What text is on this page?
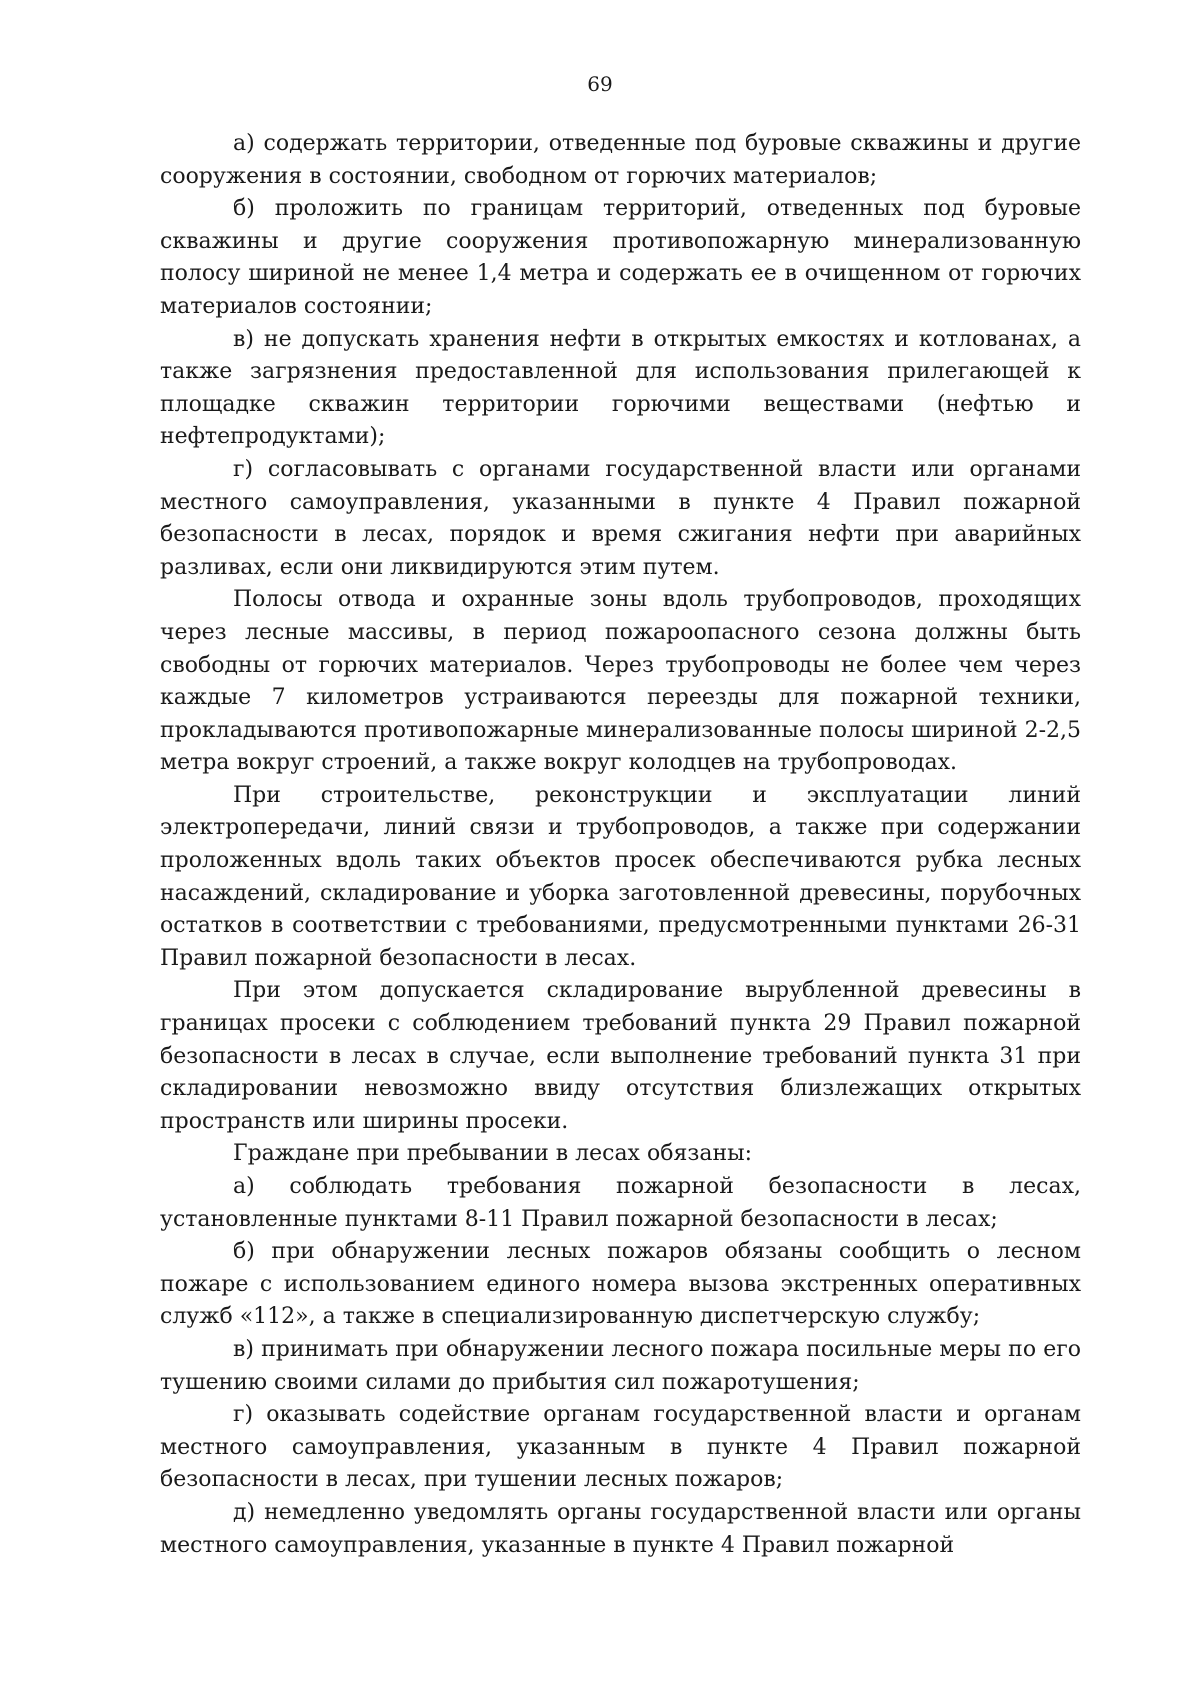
69

а) содержать территории, отведенные под буровые скважины и другие сооружения в состоянии, свободном от горючих материалов;

б) проложить по границам территорий, отведенных под буровые скважины и другие сооружения противопожарную минерализованную полосу шириной не менее 1,4 метра и содержать ее в очищенном от горючих материалов состоянии;

в) не допускать хранения нефти в открытых емкостях и котлованах, а также загрязнения предоставленной для использования прилегающей к площадке скважин территории горючими веществами (нефтью и нефтепродуктами);

г) согласовывать с органами государственной власти или органами местного самоуправления, указанными в пункте 4 Правил пожарной безопасности в лесах, порядок и время сжигания нефти при аварийных разливах, если они ликвидируются этим путем.

Полосы отвода и охранные зоны вдоль трубопроводов, проходящих через лесные массивы, в период пожароопасного сезона должны быть свободны от горючих материалов. Через трубопроводы не более чем через каждые 7 километров устраиваются переезды для пожарной техники, прокладываются противопожарные минерализованные полосы шириной 2-2,5 метра вокруг строений, а также вокруг колодцев на трубопроводах.

При строительстве, реконструкции и эксплуатации линий электропередачи, линий связи и трубопроводов, а также при содержании проложенных вдоль таких объектов просек обеспечиваются рубка лесных насаждений, складирование и уборка заготовленной древесины, порубочных остатков в соответствии с требованиями, предусмотренными пунктами 26-31 Правил пожарной безопасности в лесах.

При этом допускается складирование вырубленной древесины в границах просеки с соблюдением требований пункта 29 Правил пожарной безопасности в лесах в случае, если выполнение требований пункта 31 при складировании невозможно ввиду отсутствия близлежащих открытых пространств или ширины просеки.

Граждане при пребывании в лесах обязаны:

а) соблюдать требования пожарной безопасности в лесах, установленные пунктами 8-11 Правил пожарной безопасности в лесах;

б) при обнаружении лесных пожаров обязаны сообщить о лесном пожаре с использованием единого номера вызова экстренных оперативных служб «112», а также в специализированную диспетчерскую службу;

в) принимать при обнаружении лесного пожара посильные меры по его тушению своими силами до прибытия сил пожаротушения;

г) оказывать содействие органам государственной власти и органам местного самоуправления, указанным в пункте 4 Правил пожарной безопасности в лесах, при тушении лесных пожаров;

д) немедленно уведомлять органы государственной власти или органы местного самоуправления, указанные в пункте 4 Правил пожарной
